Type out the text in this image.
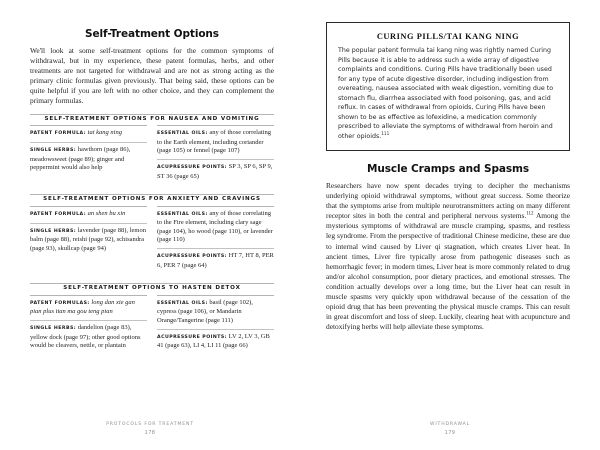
Self-Treatment Options

We'll look at some self-treatment options for the common symptoms of withdrawal, but in my experience, these patent formulas, herbs, and other treatments are not targeted for withdrawal and are not as strong acting as the primary clinic formulas given previously. That being said, these options can be quite helpful if you are left with no other choice, and they can complement the primary formulas.

SELF-TREATMENT OPTIONS FOR NAUSEA AND VOMITING
PATENT FORMULA: tai kang ning
SINGLE HERBS: hawthorn (page 86), meadowsweet (page 89); ginger and peppermint would also help
ESSENTIAL OILS: any of those correlating to the Earth element, including coriander (page 105) or fennel (page 107)
ACUPRESSURE POINTS: SP 3, SP 6, SP 9, ST 36 (page 65)
SELF-TREATMENT OPTIONS FOR ANXIETY AND CRAVINGS
PATENT FORMULA: an shen bu xin
SINGLE HERBS: lavender (page 88), lemon balm (page 88), reishi (page 92), schisandra (page 93), skullcap (page 94)
ESSENTIAL OILS: any of those correlating to the Fire element, including clary sage (page 104), ho wood (page 110), or lavender (page 110)
ACUPRESSURE POINTS: HT 7, HT 8, PER 6, PER 7 (page 64)
SELF-TREATMENT OPTIONS TO HASTEN DETOX
PATENT FORMULAS: long dan xie gan pian plus tian ma gou teng pian
SINGLE HERBS: dandelion (page 83), yellow dock (page 97); other good options would be cleavers, nettle, or plantain
ESSENTIAL OILS: basil (page 102), cypress (page 106), or Mandarin Orange/Tangerine (page 111)
ACUPRESSURE POINTS: LV 2, LV 3, GB 41 (page 63), LI 4, LI 11 (page 66)

PROTOCOLS FOR TREATMENT

178

CURING PILLS/TAI KANG NING

The popular patent formula tai kang ning was rightly named Curing Pills because it is able to address such a wide array of digestive complaints and conditions. Curing Pills have traditionally been used for any type of acute digestive disorder, including indigestion from overeating, nausea associated with weak digestion, vomiting due to stomach flu, diarrhea associated with food poisoning, gas, and acid reflux. In cases of withdrawal from opioids, Curing Pills have been shown to be as effective as lofexidine, a medication commonly prescribed to alleviate the symptoms of withdrawal from heroin and other opioids.$^{111}$

Muscle Cramps and Spasms

Researchers have now spent decades trying to decipher the mechanisms underlying opioid withdrawal symptoms, without great success. Some theorize that the symptoms arise from multiple neurotransmitters acting on many different receptor sites in both the central and peripheral nervous systems.$^{112}$ Among the mysterious symptoms of withdrawal are muscle cramping, spasms, and restless leg syndrome. From the perspective of traditional Chinese medicine, these are due to internal wind caused by Liver qi stagnation, which creates Liver heat. In ancient times, Liver fire typically arose from pathogenic diseases such as hemorrhagic fever; in modern times, Liver heat is more commonly related to drug and/or alcohol consumption, poor dietary practices, and emotional stresses. The condition actually develops over a long time, but the Liver heat can result in muscle spasms very quickly upon withdrawal because of the cessation of the opioid drug that has been preventing the physical muscle cramps. This can result in great discomfort and loss of sleep. Luckily, clearing heat with acupuncture and detoxifying herbs will help alleviate these symptoms.

WITHDRAWAL

179
